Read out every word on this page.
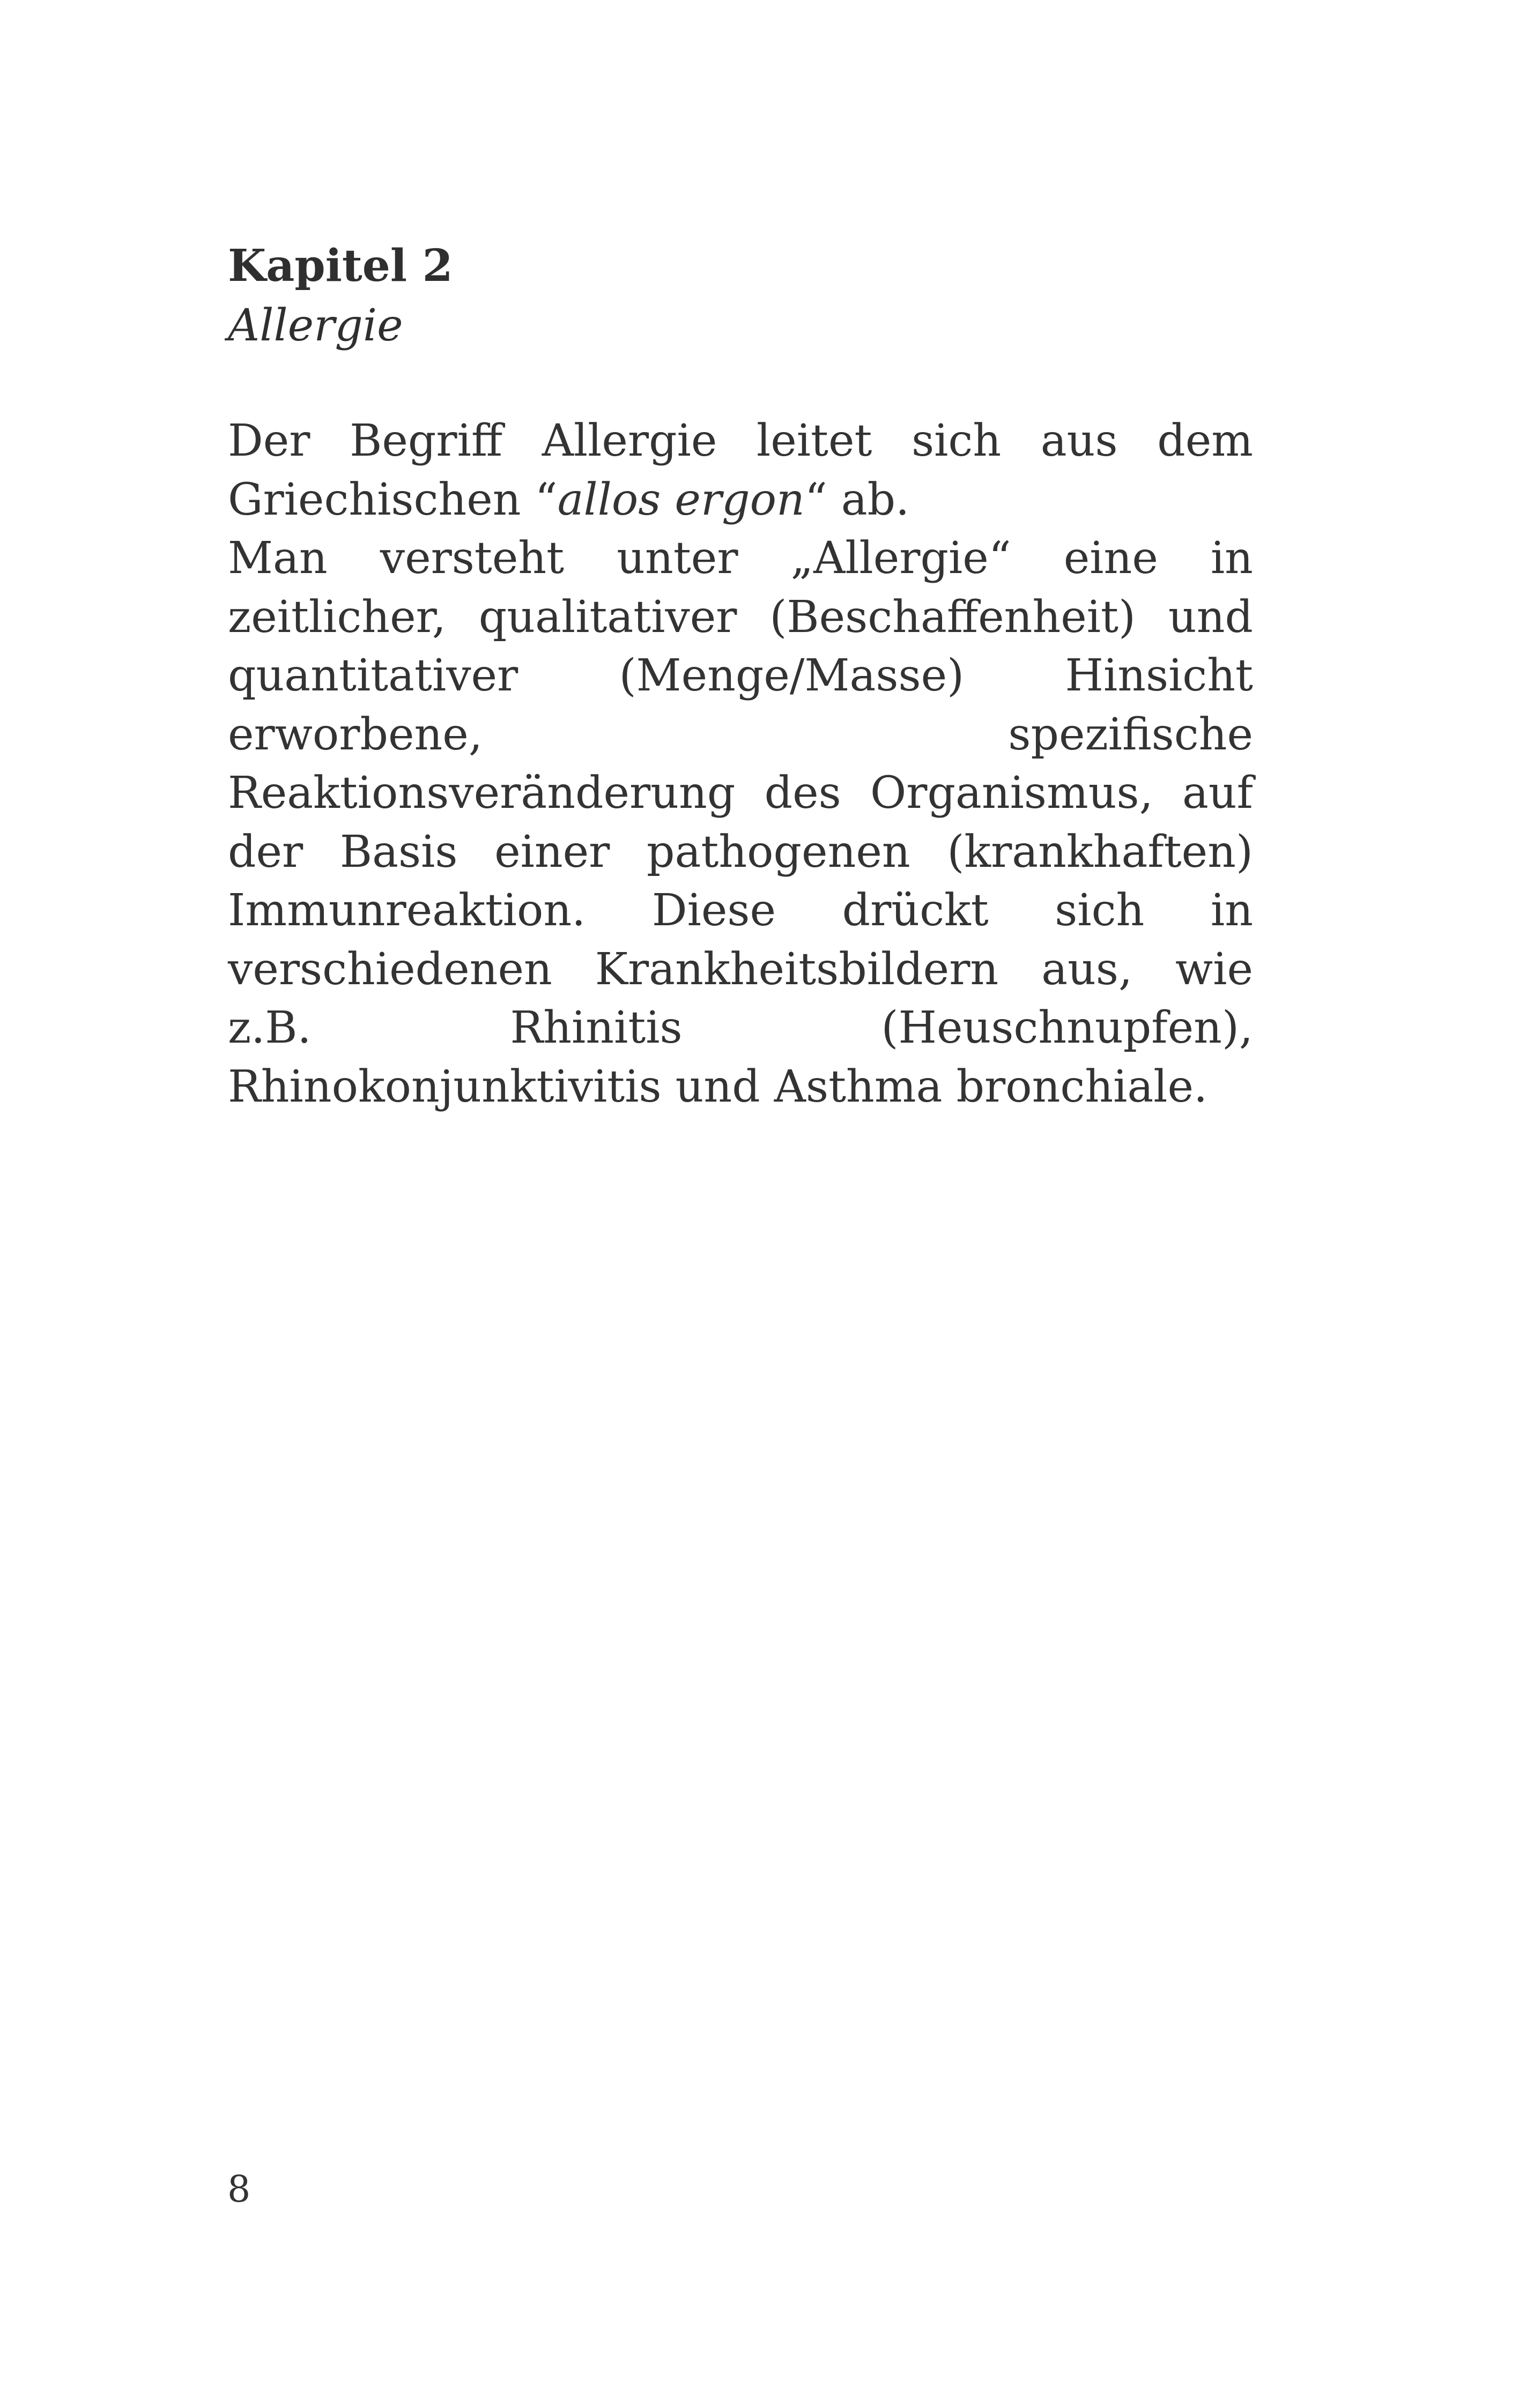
Kapitel 2

Allergie

Der Begriff Allergie leitet sich aus dem Griechischen “allos ergon“ ab.

Man versteht unter „Allergie“ eine in zeitlicher, qualitativer (Beschaffenheit) und quantitativer (Menge/Masse) Hinsicht erworbene, spezifische Reaktionsveränderung des Organismus, auf der Basis einer pathogenen (krankhaften) Immunreaktion. Diese drückt sich in verschiedenen Krankheitsbildern aus, wie z.B. Rhinitis (Heuschnupfen), Rhinokonjunktivitis und Asthma bronchiale.

8
